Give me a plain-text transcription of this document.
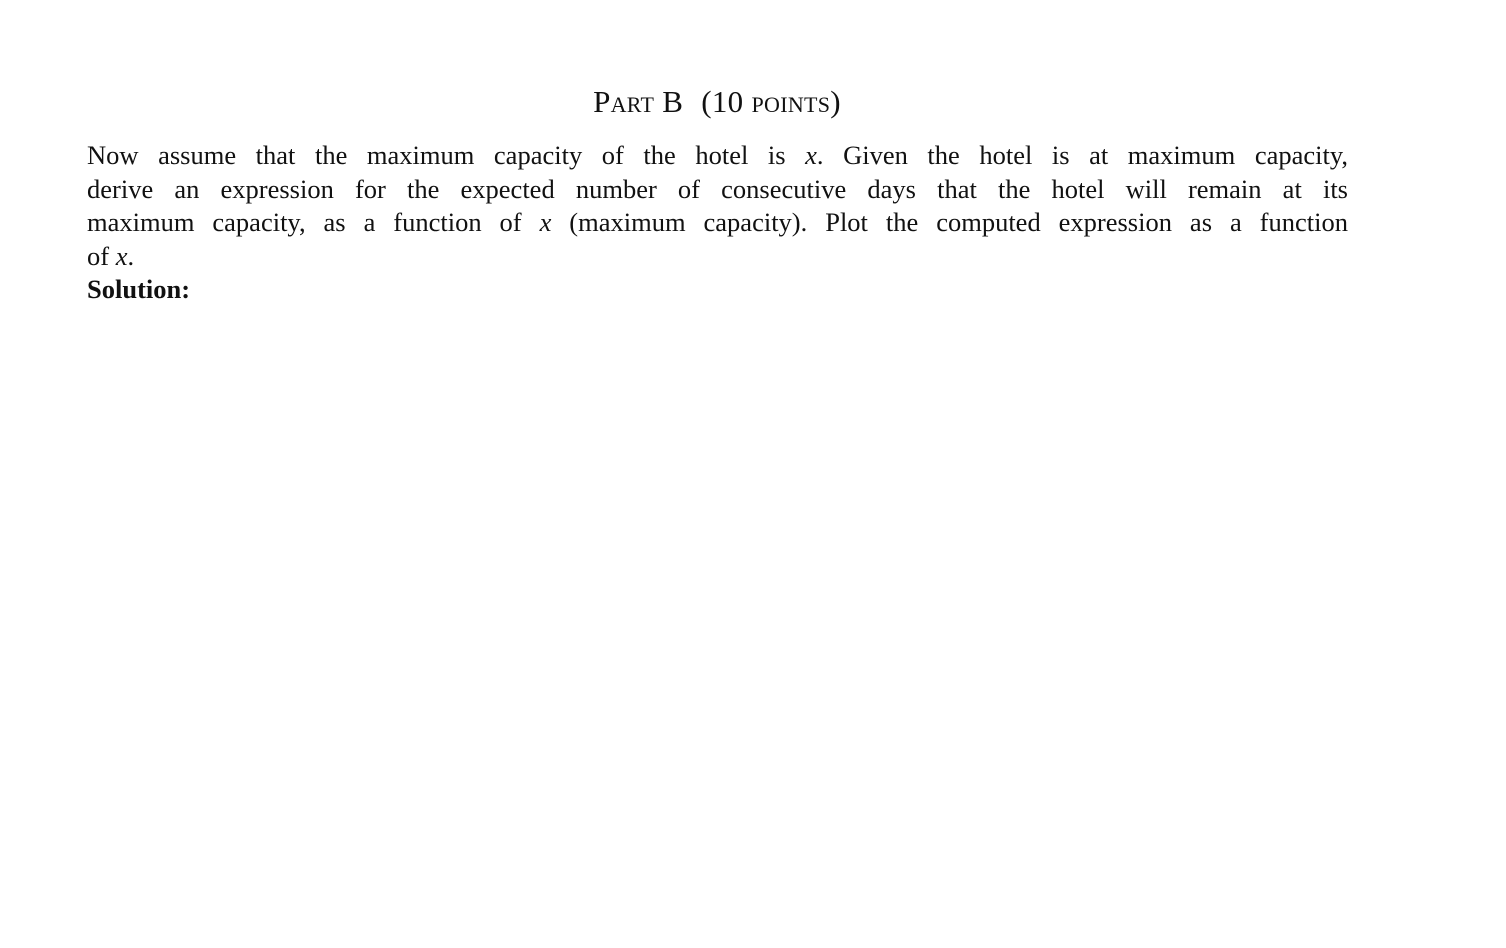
Part B (10 points)
Now assume that the maximum capacity of the hotel is x. Given the hotel is at maximum capacity,
derive an expression for the expected number of consecutive days that the hotel will remain at its
maximum capacity, as a function of x (maximum capacity). Plot the computed expression as a function
of x.
Solution:
